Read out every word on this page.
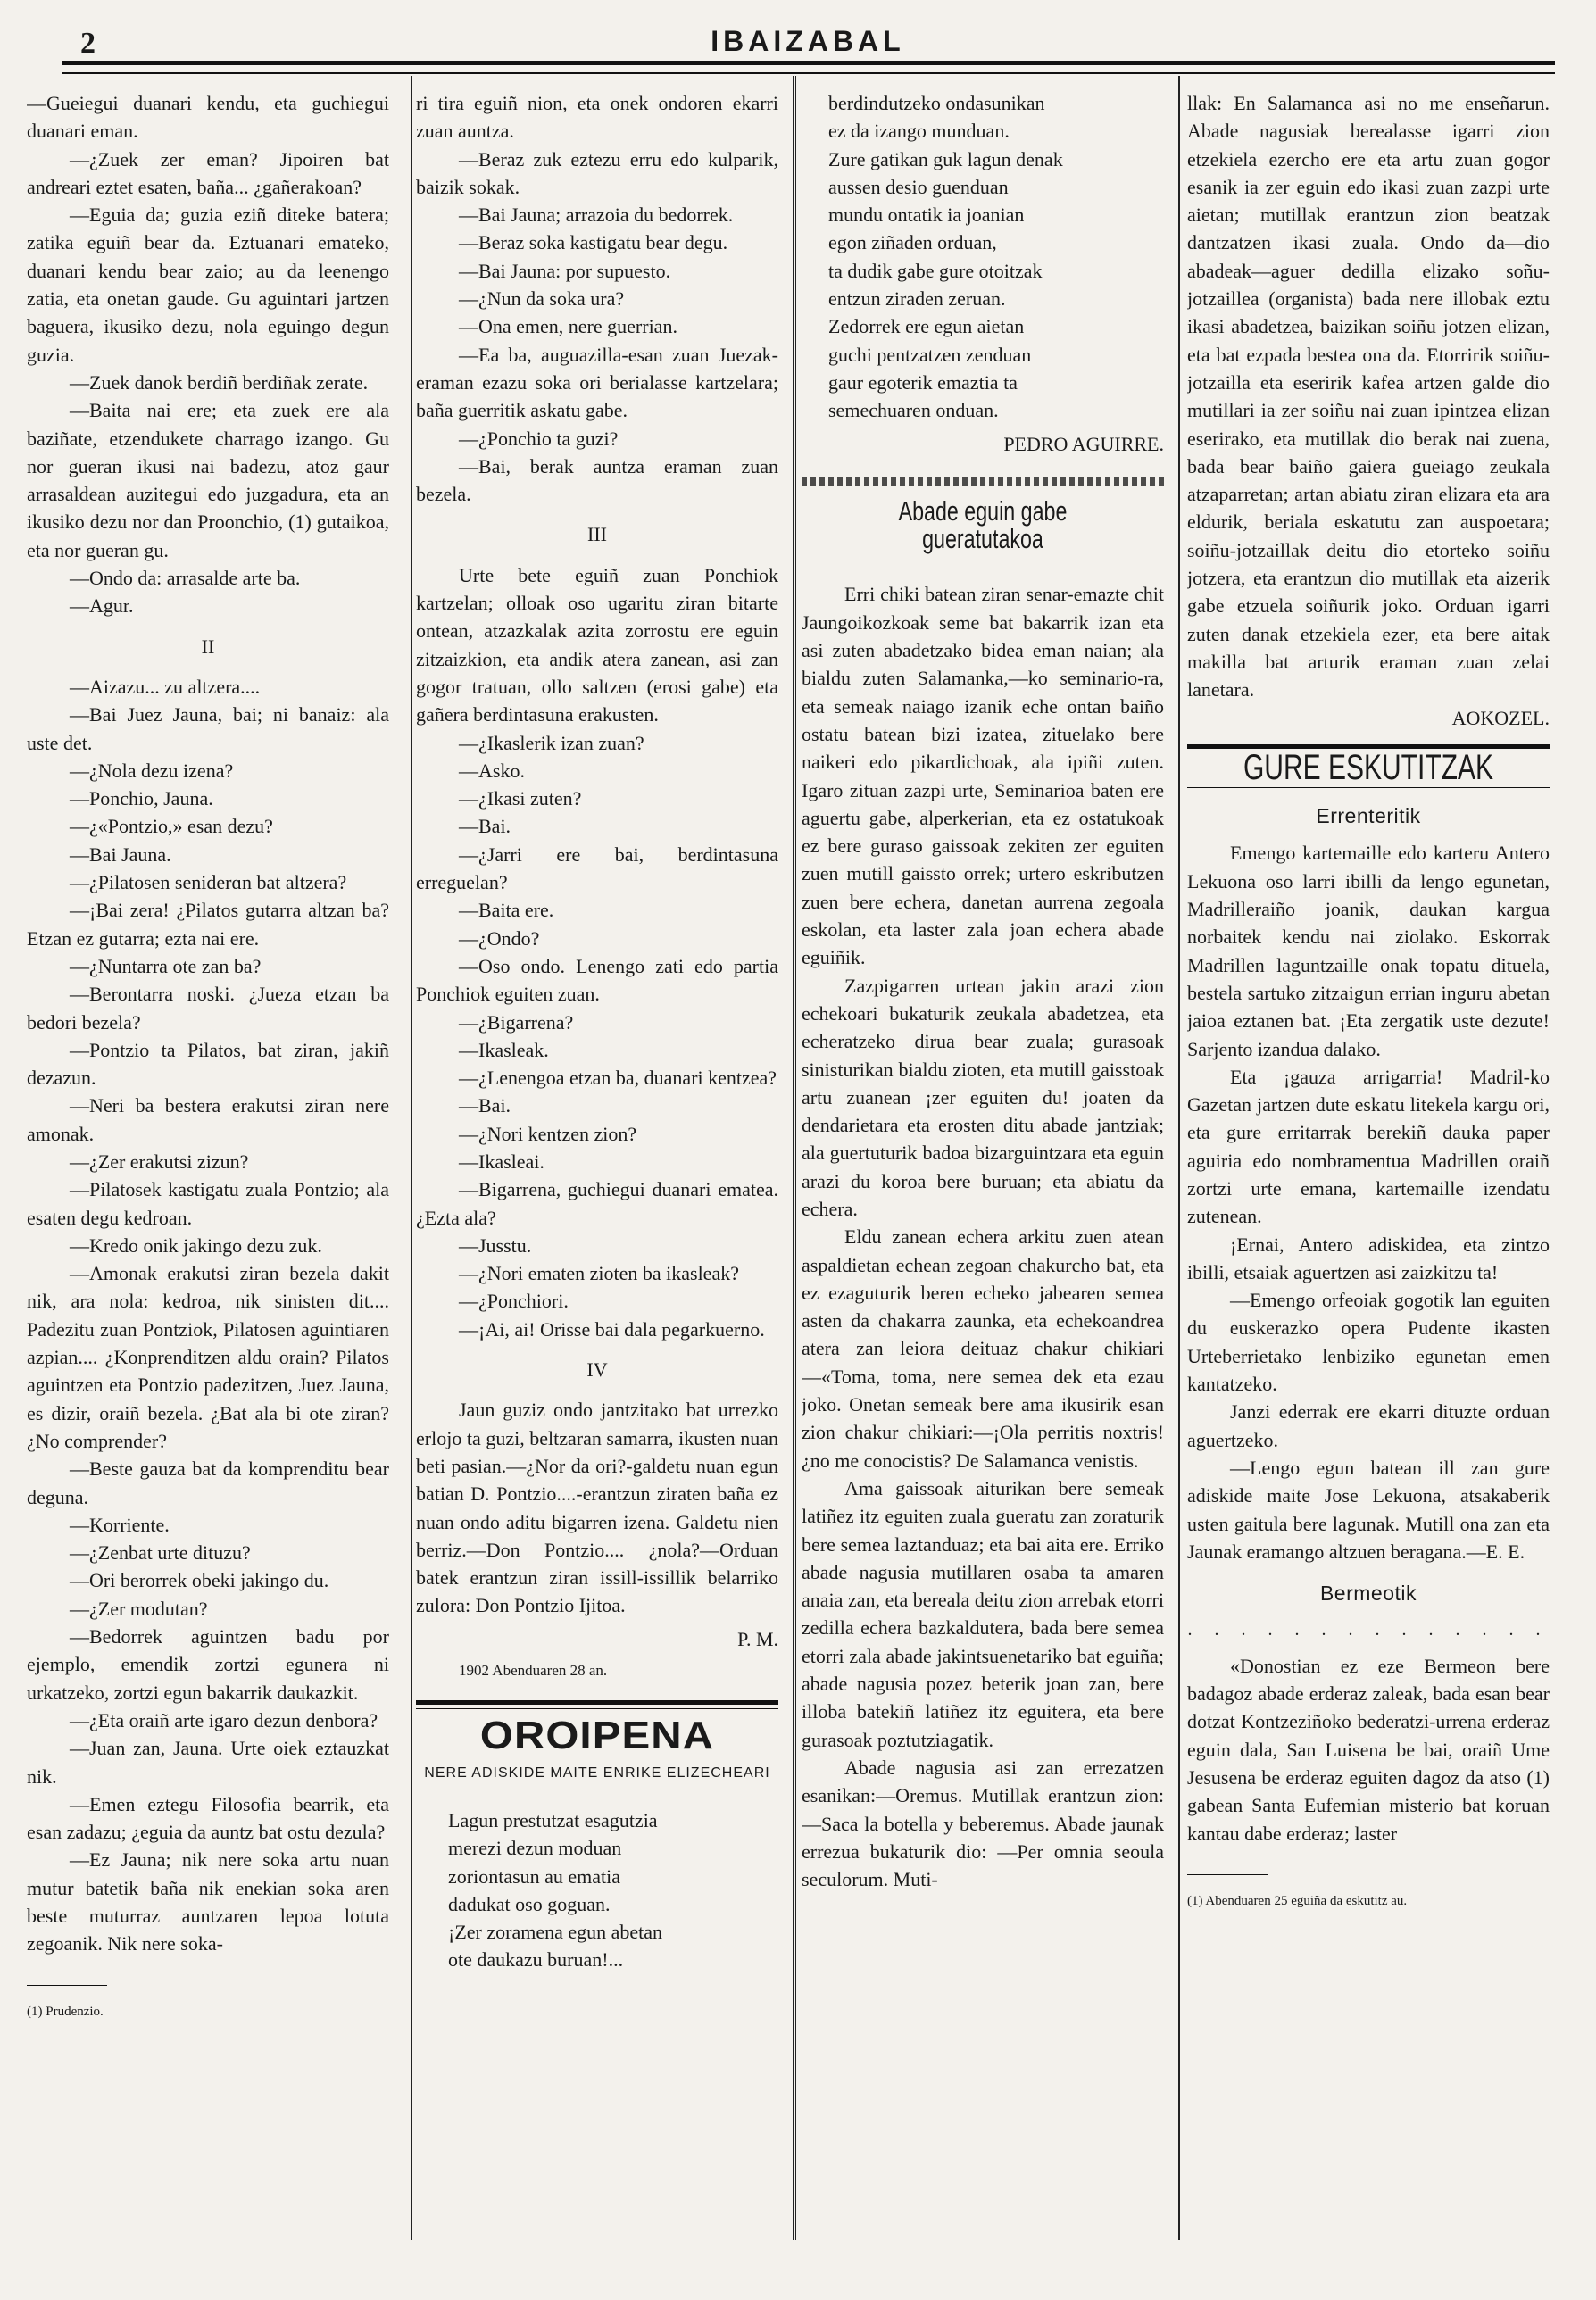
2	IBAIZABAL

—Gueiegui duanari kendu, eta guchiegui duanari eman.

—¿Zuek zer eman? Jipoiren bat andreari eztet esaten, baña... ¿gañerakoan?

—Eguia da; guzia eziñ diteke batera; zatika eguiñ bear da. Eztuanari emateko, duanari kendu bear zaio; au da leenengo zatia, eta onetan gaude. Gu aguintari jartzen baguera, ikusiko dezu, nola eguingo degun guzia.

—Zuek danok berdiñ berdiñak zerate.

—Baita nai ere; eta zuek ere ala baziñate, etzendukete charrago izango. Gu nor gueran ikusi nai badezu, atoz gaur arrasaldean auzitegui edo juzgadura, eta an ikusiko dezu nor dan Proonchio, (1) gutaikoa, eta nor gueran gu.

—Ondo da: arrasalde arte ba.

—Agur.

II

—Aizazu... zu altzera....

—Bai Juez Jauna, bai; ni banaiz: ala uste det.

—¿Nola dezu izena?

—Ponchio, Jauna.

—¿«Pontzio,» esan dezu?

—Bai Jauna.

—¿Pilatosen seniderɑn bat altzera?

—¡Bai zera! ¿Pilatos gutarra altzan ba? Etzan ez gutarra; ezta nai ere.

—¿Nuntarra ote zan ba?

—Berontarra noski. ¿Jueza etzan ba bedori bezela?

—Pontzio ta Pilatos, bat ziran, jakiñ dezazun.

—Neri ba bestera erakutsi ziran nere amonak.

—¿Zer erakutsi zizun?

—Pilatosek kastigatu zuala Pontzio; ala esaten degu kedroan.

—Kredo onik jakingo dezu zuk.

—Amonak erakutsi ziran bezela dakit nik, ara nola: kedroa, nik sinisten dit.... Padezitu zuan Pontziok, Pilatosen aguintiaren azpian.... ¿Konprenditzen aldu orain? Pilatos aguintzen eta Pontzio padezitzen, Juez Jauna, es dizir, oraiñ bezela. ¿Bat ala bi ote ziran? ¿No comprender?

—Beste gauza bat da komprenditu bear deguna.

—Korriente.

—¿Zenbat urte dituzu?

—Ori berorrek obeki jakingo du.

—¿Zer modutan?

—Bedorrek aguintzen badu por ejemplo, emendik zortzi egunera ni urkatzeko, zortzi egun bakarrik daukazkit.

—¿Eta oraiñ arte igaro dezun denbora?

—Juan zan, Jauna. Urte oiek eztauzkat nik.

—Emen eztegu Filosofia bearrik, eta esan zadazu; ¿eguia da auntz bat ostu dezula?

—Ez Jauna; nik nere soka artu nuan mutur batetik baña nik enekian soka aren beste muturraz auntzaren lepoa lotuta zegoanik. Nik nere soka-

(1) Prudenzio.

ri tira eguiñ nion, eta onek ondoren ekarri zuan auntza.

—Beraz zuk eztezu erru edo kulparik, baizik sokak.

—Bai Jauna; arrazoia du bedorrek.

—Beraz soka kastigatu bear degu.

—Bai Jauna: por supuesto.

—¿Nun da soka ura?

—Ona emen, nere guerrian.

—Ea ba, auguazilla-esan zuan Juezak-eraman ezazu soka ori berialasse kartzelara; baña guerritik askatu gabe.

—¿Ponchio ta guzi?

—Bai, berak auntza eraman zuan bezela.

III

Urte bete eguiñ zuan Ponchiok kartzelan; olloak oso ugaritu ziran bitarte ontean, atzazkalak azita zorrostu ere eguin zitzaizkion, eta andik atera zanean, asi zan gogor tratuan, ollo saltzen (erosi gabe) eta gañera berdintasuna erakusten.

—¿Ikaslerik izan zuan?

—Asko.

—¿Ikasi zuten?

—Bai.

—¿Jarri ere bai, berdintasuna erreguelan?

—Baita ere.

—¿Ondo?

—Oso ondo. Lenengo zati edo partia Ponchiok eguiten zuan.

—¿Bigarrena?

—Ikasleak.

—¿Lenengoa etzan ba, duanari kentzea?

—Bai.

—¿Nori kentzen zion?

—Ikasleai.

—Bigarrena, guchiegui duanari ematea. ¿Ezta ala?

—Jusstu.

—¿Nori ematen zioten ba ikasleak?

—¿Ponchiori.

—¡Ai, ai! Orisse bai dala pegarkuerno.

IV

Jaun guziz ondo jantzitako bat urrezko erlojo ta guzi, beltzaran samarra, ikusten nuan beti pasian.—¿Nor da ori?-galdetu nuan egun batian D. Pontzio....-erantzun ziraten baña ez nuan ondo aditu bigarren izena. Galdetu nien berriz.—Don Pontzio.... ¿nola?—Orduan batek erantzun ziran issill-issillik belarriko zulora: Don Pontzio Ijitoa.

P. M.

1902 Abenduaren 28 an.

OROIPENA
NERE ADISKIDE MAITE ENRIKE ELIZECHEARI
Lagun prestutzat esagutzia
merezi dezun moduan
zoriontasun au ematia
dadukat oso goguan.
¡Zer zoramena egun abetan
ote daukazu buruan!...
berdindutzeko ondasunikan
ez da izango munduan.
Zure gatikan guk lagun denak
aussen desio guenduan
mundu ontatik ia joanian
egon ziñaden orduan,
ta dudik gabe gure otoitzak
entzun ziraden zeruan.
Zedorrek ere egun aietan
guchi pentzatzen zenduan
gaur egoterik emaztia ta
semechuaren onduan.
PEDRO AGUIRRE.
Abade eguin gabe gueratutakoa

Erri chiki batean ziran senar-emazte chit Jaungoikozkoak seme bat bakarrik izan eta asi zuten abadetzako bidea eman naian; ala bialdu zuten Salamanka,—ko seminario-ra, eta semeak naiago izanik eche ontan baiño ostatu batean bizi izatea, zituelako bere naikeri edo pikardichoak, ala ipiñi zuten. Igaro zituan zazpi urte, Seminarioa baten ere aguertu gabe, alperkerian, eta ez ostatukoak ez bere guraso gaissoak zekiten zer eguiten zuen mutill gaissto orrek; urtero eskributzen zuen bere echera, danetan aurrena zegoala eskolan, eta laster zala joan echera abade eguiñik.

Zazpigarren urtean jakin arazi zion echekoari bukaturik zeukala abadetzea, eta echeratzeko dirua bear zuala; gurasoak sinisturikan bialdu zioten, eta mutill gaisstoak artu zuanean ¡zer eguiten du! joaten da dendarietara eta erosten ditu abade jantziak; ala guertuturik badoa bizarguintzara eta eguin arazi du koroa bere buruan; eta abiatu da echera.

Eldu zanean echera arkitu zuen atean aspaldietan echean zegoan chakurcho bat, eta ez ezaguturik beren echeko jabearen semea asten da chakarra zaunka, eta echekoandrea atera zan leiora deituaz chakur chikiari—«Toma, toma, nere semea dek eta ezau joko. Onetan semeak bere ama ikusirik esan zion chakur chikiari:—¡Ola perritis noxtris! ¿no me conocistis? De Salamanca venistis.

Ama gaissoak aiturikan bere semeak latiñez itz eguiten zuala gueratu zan zoraturik bere semea laztanduaz; eta bai aita ere. Erriko abade nagusia mutillaren osaba ta amaren anaia zan, eta bereala deitu zion arrebak etorri zedilla echera bazkaldutera, bada bere semea etorri zala abade jakintsuenetariko bat eguiña; abade nagusia pozez beterik joan zan, bere illoba batekiñ latiñez itz eguitera, eta bere gurasoak poztutziagatik.

Abade nagusia asi zan errezatzen esanikan:—Oremus. Mutillak erantzun zion:—Saca la botella y beberemus. Abade jaunak errezua bukaturik dio: —Per omnia seoula seculorum. Muti-

llak: En Salamanca asi no me enseñarun. Abade nagusiak berealasse igarri zion etzekiela ezercho ere eta artu zuan gogor esanik ia zer eguin edo ikasi zuan zazpi urte aietan; mutillak erantzun zion beatzak dantzatzen ikasi zuala. Ondo da—dio abadeak—aguer dedilla elizako soñu-jotzaillea (organista) bada nere illobak eztu ikasi abadetzea, baizikan soiñu jotzen elizan, eta bat ezpada bestea ona da. Etorririk soiñu-jotzailla eta eseririk kafea artzen galde dio mutillari ia zer soiñu nai zuan ipintzea elizan eserirako, eta mutillak dio berak nai zuena, bada bear baiño gaiera gueiago zeukala atzaparretan; artan abiatu ziran elizara eta ara eldurik, beriala eskatutu zan auspoetara; soiñu-jotzaillak deitu dio etorteko soiñu jotzera, eta erantzun dio mutillak eta aizerik gabe etzuela soiñurik joko. Orduan igarri zuten danak etzekiela ezer, eta bere aitak makilla bat arturik eraman zuan zelai lanetara.

AOKOZEL.
GURE ESKUTITZAK
Errenteritik

Emengo kartemaille edo karteru Antero Lekuona oso larri ibilli da lengo egunetan, Madrilleraiño joanik, daukan kargua norbaitek kendu nai ziolako. Eskorrak Madrillen laguntzaille onak topatu dituela, bestela sartuko zitzaigun errian inguru abetan jaioa eztanen bat. ¡Eta zergatik uste dezute! Sarjento izandua dalako.

Eta ¡gauza arrigarria! Madril-ko Gazetan jartzen dute eskatu litekela kargu ori, eta gure erritarrak berekiñ dauka paper aguiria edo nombramentua Madrillen oraiñ zortzi urte emana, kartemaille izendatu zutenean.

¡Ernai, Antero adiskidea, eta zintzo ibilli, etsaiak aguertzen asi zaizkitzu ta!

—Emengo orfeoiak gogotik lan eguiten du euskerazko opera Pudente ikasten Urteberrietako lenbiziko egunetan emen kantatzeko.

Janzi ederrak ere ekarri dituzte orduan aguertzeko.

—Lengo egun batean ill zan gure adiskide maite Jose Lekuona, atsakaberik usten gaitula bere lagunak. Mutill ona zan eta Jaunak eramango altzuen beragana.—E. E.

Bermeotik
. . . . . . . . . . . . . .

«Donostian ez eze Bermeon bere badagoz abade erderaz zaleak, bada esan bear dotzat Kontzeziñoko bederatzi-urrena erderaz eguin dala, San Luisena be bai, oraiñ Ume Jesusena be erderaz eguiten dagoz da atso (1) gabean Santa Eufemian misterio bat koruan kantau dabe erderaz; laster

(1) Abenduaren 25 eguiña da eskutitz au.
